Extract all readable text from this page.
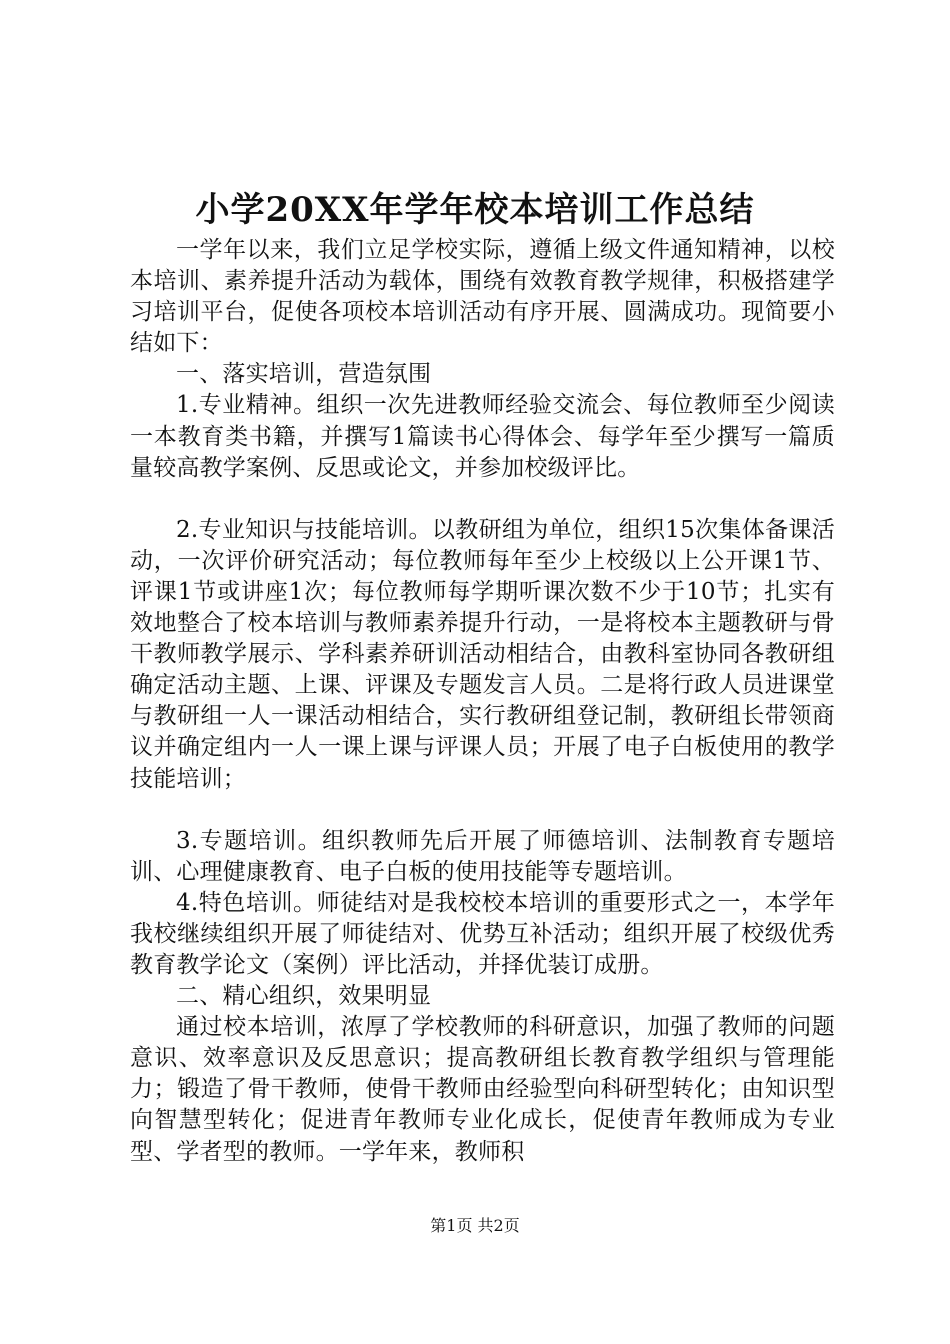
小学20XX年学年校本培训工作总结

一学年以来，我们立足学校实际，遵循上级文件通知精神，以校本培训、素养提升活动为载体，围绕有效教育教学规律，积极搭建学习培训平台，促使各项校本培训活动有序开展、圆满成功。现简要小结如下：

一、落实培训，营造氛围

1.专业精神。组织一次先进教师经验交流会、每位教师至少阅读一本教育类书籍，并撰写1篇读书心得体会、每学年至少撰写一篇质量较高教学案例、反思或论文，并参加校级评比。

2.专业知识与技能培训。以教研组为单位，组织15次集体备课活动，一次评价研究活动；每位教师每年至少上校级以上公开课1节、评课1节或讲座1次；每位教师每学期听课次数不少于10节；扎实有效地整合了校本培训与教师素养提升行动，一是将校本主题教研与骨干教师教学展示、学科素养研训活动相结合，由教科室协同各教研组确定活动主题、上课、评课及专题发言人员。二是将行政人员进课堂与教研组一人一课活动相结合，实行教研组登记制，教研组长带领商议并确定组内一人一课上课与评课人员；开展了电子白板使用的教学技能培训；

3.专题培训。组织教师先后开展了师德培训、法制教育专题培训、心理健康教育、电子白板的使用技能等专题培训。

4.特色培训。师徒结对是我校校本培训的重要形式之一，本学年我校继续组织开展了师徒结对、优势互补活动；组织开展了校级优秀教育教学论文（案例）评比活动，并择优装订成册。

二、精心组织，效果明显

通过校本培训，浓厚了学校教师的科研意识，加强了教师的问题意识、效率意识及反思意识；提高教研组长教育教学组织与管理能力；锻造了骨干教师，使骨干教师由经验型向科研型转化；由知识型向智慧型转化；促进青年教师专业化成长，促使青年教师成为专业型、学者型的教师。一学年来，教师积

第1页 共2页
